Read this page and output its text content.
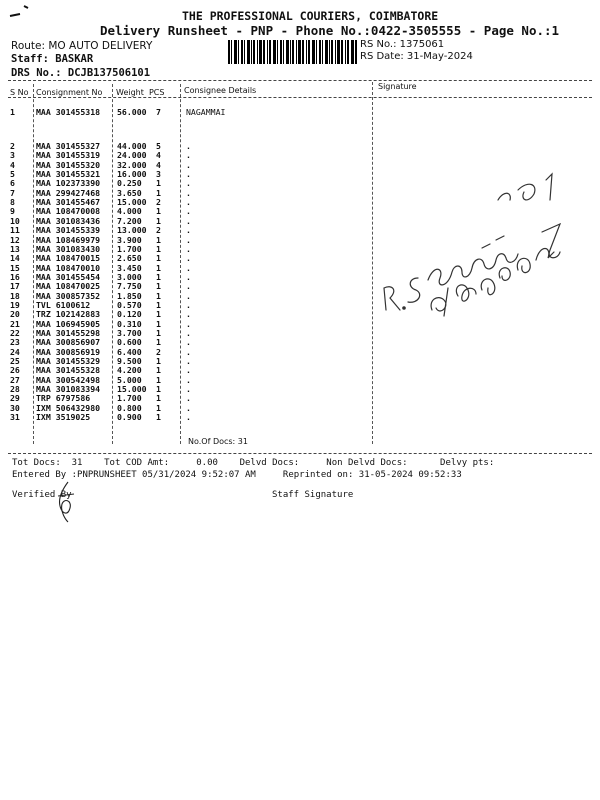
THE PROFESSIONAL COURIERS, COIMBATORE
Delivery Runsheet - PNP - Phone No.:0422-3505555 - Page No.:1
Route: MO AUTO DELIVERY
Staff: BASKAR
DRS No.: DCJB137506101
RS No.: 1375061
RS Date: 31-May-2024
S No Consignment No Weight  PCS Consignee Details	Signature
1	MAA 301455318 56.000 7	NAGAMMAI
2	MAA 301455327 44.000 5	.
3	MAA 301455319 24.000 4	.
4	MAA 301455320 32.000 4	.
5	MAA 301455321 16.000 3	.
6	MAA 102373390 0.250 1	.
7	MAA 299427468 3.650 1	.
8	MAA 301455467 15.000 2	.
9	MAA 108470008 4.000 1	.
10 MAA 301083436 7.200 1	.
11 MAA 301455339 13.000 2	.
12 MAA 108469979 3.900 1	.
13 MAA 301083430 1.700 1	.
14 MAA 108470015 2.650 1	.
15 MAA 108470010 3.450 1	.
16 MAA 301455454 3.000 1	.
17 MAA 108470025 7.750 1	.
18 MAA 300857352 1.850 1	.
19 TVL 6100612	0.570 1	.
20 TRZ 102142883 0.120 1	.
21 MAA 106945905 0.310 1	.
22 MAA 301455298 3.700 1	.
23 MAA 300856907 0.600 1	.
24 MAA 300856919 6.400 2	.
25 MAA 301455329 9.500 1	.
26 MAA 301455328 4.200 1	.
27 MAA 300542498 5.000 1	.
28 MAA 301083394 15.000 1	.
29 TRP 6797586	1.700 1	.
30 IXM 506432980 0.800 1	.
31 IXM 3519025	0.900 1	.
No.Of Docs: 31
Tot Docs:  31    Tot COD Amt:     0.00    Delvd Docs:     Non Delvd Docs:      Delvy pts:
Entered By :PNPRUNSHEET 05/31/2024 9:52:07 AM     Reprinted on: 31-05-2024 09:52:33
Verified By	Staff Signature
